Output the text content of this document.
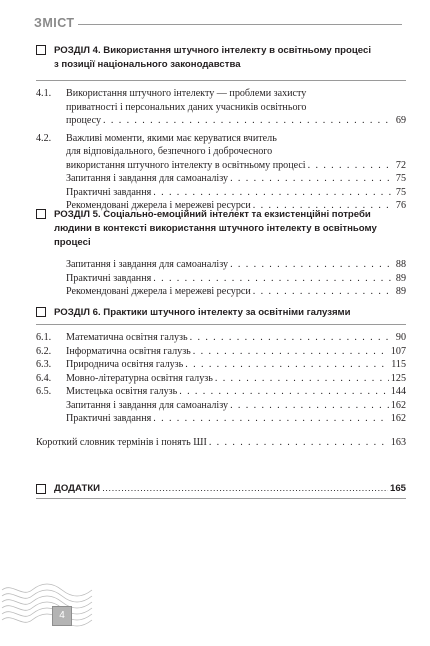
ЗМІСТ
РОЗДІЛ 4. Використання штучного інтелекту в освітньому процесі
з позиції національного законодавства
4.1. Використання штучного інтелекту — проблеми захисту
приватності і персональних даних учасників освітнього
процесу . . .	69
4.2. Важливі моменти, якими має керуватися вчитель
для відповідального, безпечного і доброчесного
використання штучного інтелекту в освітньому процесі . . .	72
Запитання і завдання для самоаналізу . . .	75
Практичні завдання . . .	75
Рекомендовані джерела і мережеві ресурси . . .	76
РОЗДІЛ 5. Соціально-емоційний інтелект та екзистенційні потреби
людини в контексті використання штучного інтелекту в освітньому
процесі
Запитання і завдання для самоаналізу . . .	88
Практичні завдання . . .	89
Рекомендовані джерела і мережеві ресурси . . .	89
РОЗДІЛ 6. Практики штучного інтелекту за освітніми галузями
6.1. Математична освітня галузь . . .	90
6.2. Інформатична освітня галузь . . .	107
6.3. Природнича освітня галузь . . .	115
6.4. Мовно-літературна освітня галузь . . .	125
6.5. Мистецька освітня галузь . . .	144
Запитання і завдання для самоаналізу . . .	162
Практичні завдання . . .	162
Короткий словник термінів і понять ШІ . . .	163
ДОДАТКИ .....	165
4
